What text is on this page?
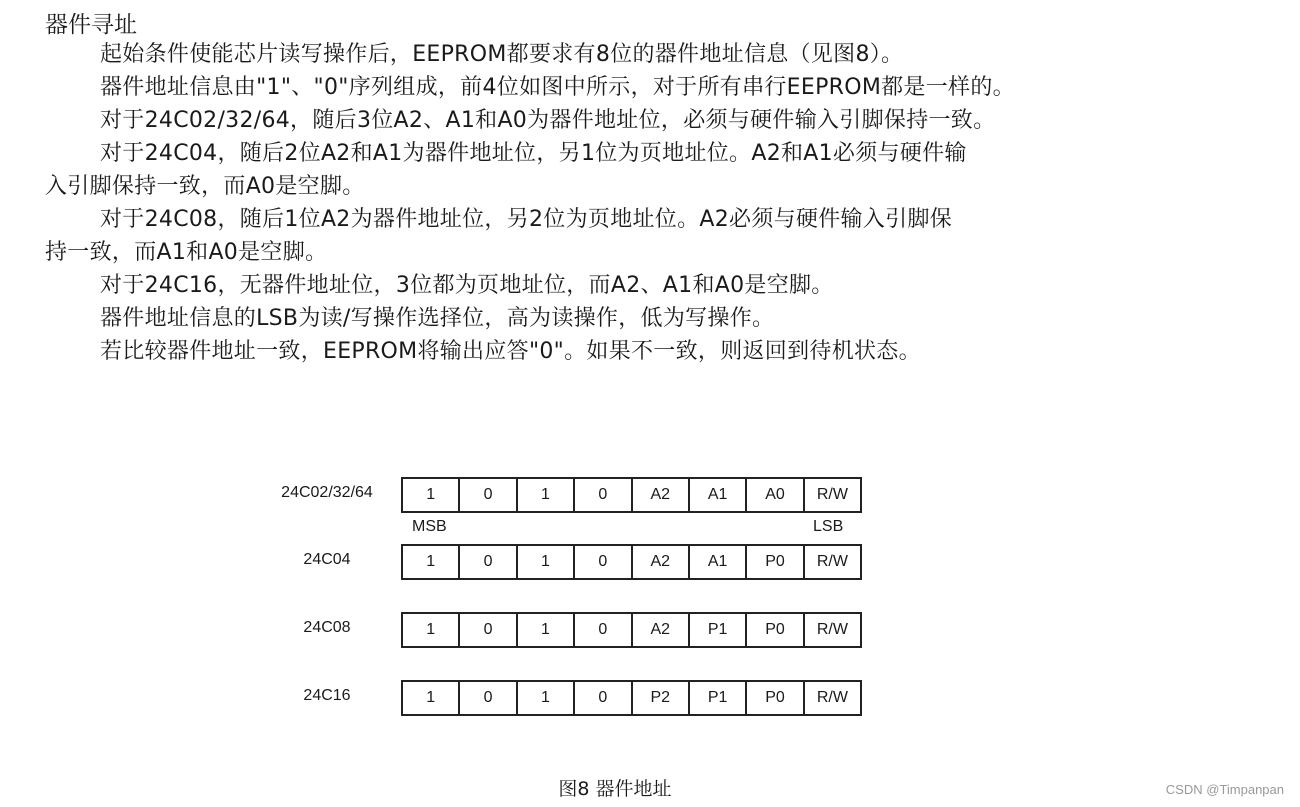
器件寻址
起始条件使能芯片读写操作后，EEPROM都要求有8位的器件地址信息（见图8）。
器件地址信息由"1"、"0"序列组成，前4位如图中所示，对于所有串行EEPROM都是一样的。
对于24C02/32/64，随后3位A2、A1和A0为器件地址位，必须与硬件输入引脚保持一致。
对于24C04，随后2位A2和A1为器件地址位，另1位为页地址位。A2和A1必须与硬件输
入引脚保持一致，而A0是空脚。
对于24C08，随后1位A2为器件地址位，另2位为页地址位。A2必须与硬件输入引脚保
持一致，而A1和A0是空脚。
对于24C16，无器件地址位，3位都为页地址位，而A2、A1和A0是空脚。
器件地址信息的LSB为读/写操作选择位，高为读操作，低为写操作。
若比较器件地址一致，EEPROM将输出应答"0"。如果不一致，则返回到待机状态。
24C02/32/64	1	0	1	0	A2	A1	A0	R/W
24C04	1	0	1	0	A2	A1	P0	R/W
24C08	1	0	1	0	A2	P1	P0	R/W
24C16	1	0	1	0	P2	P1	P0	R/W
MSB	LSB
图8 器件地址	CSDN @Timpanpan
